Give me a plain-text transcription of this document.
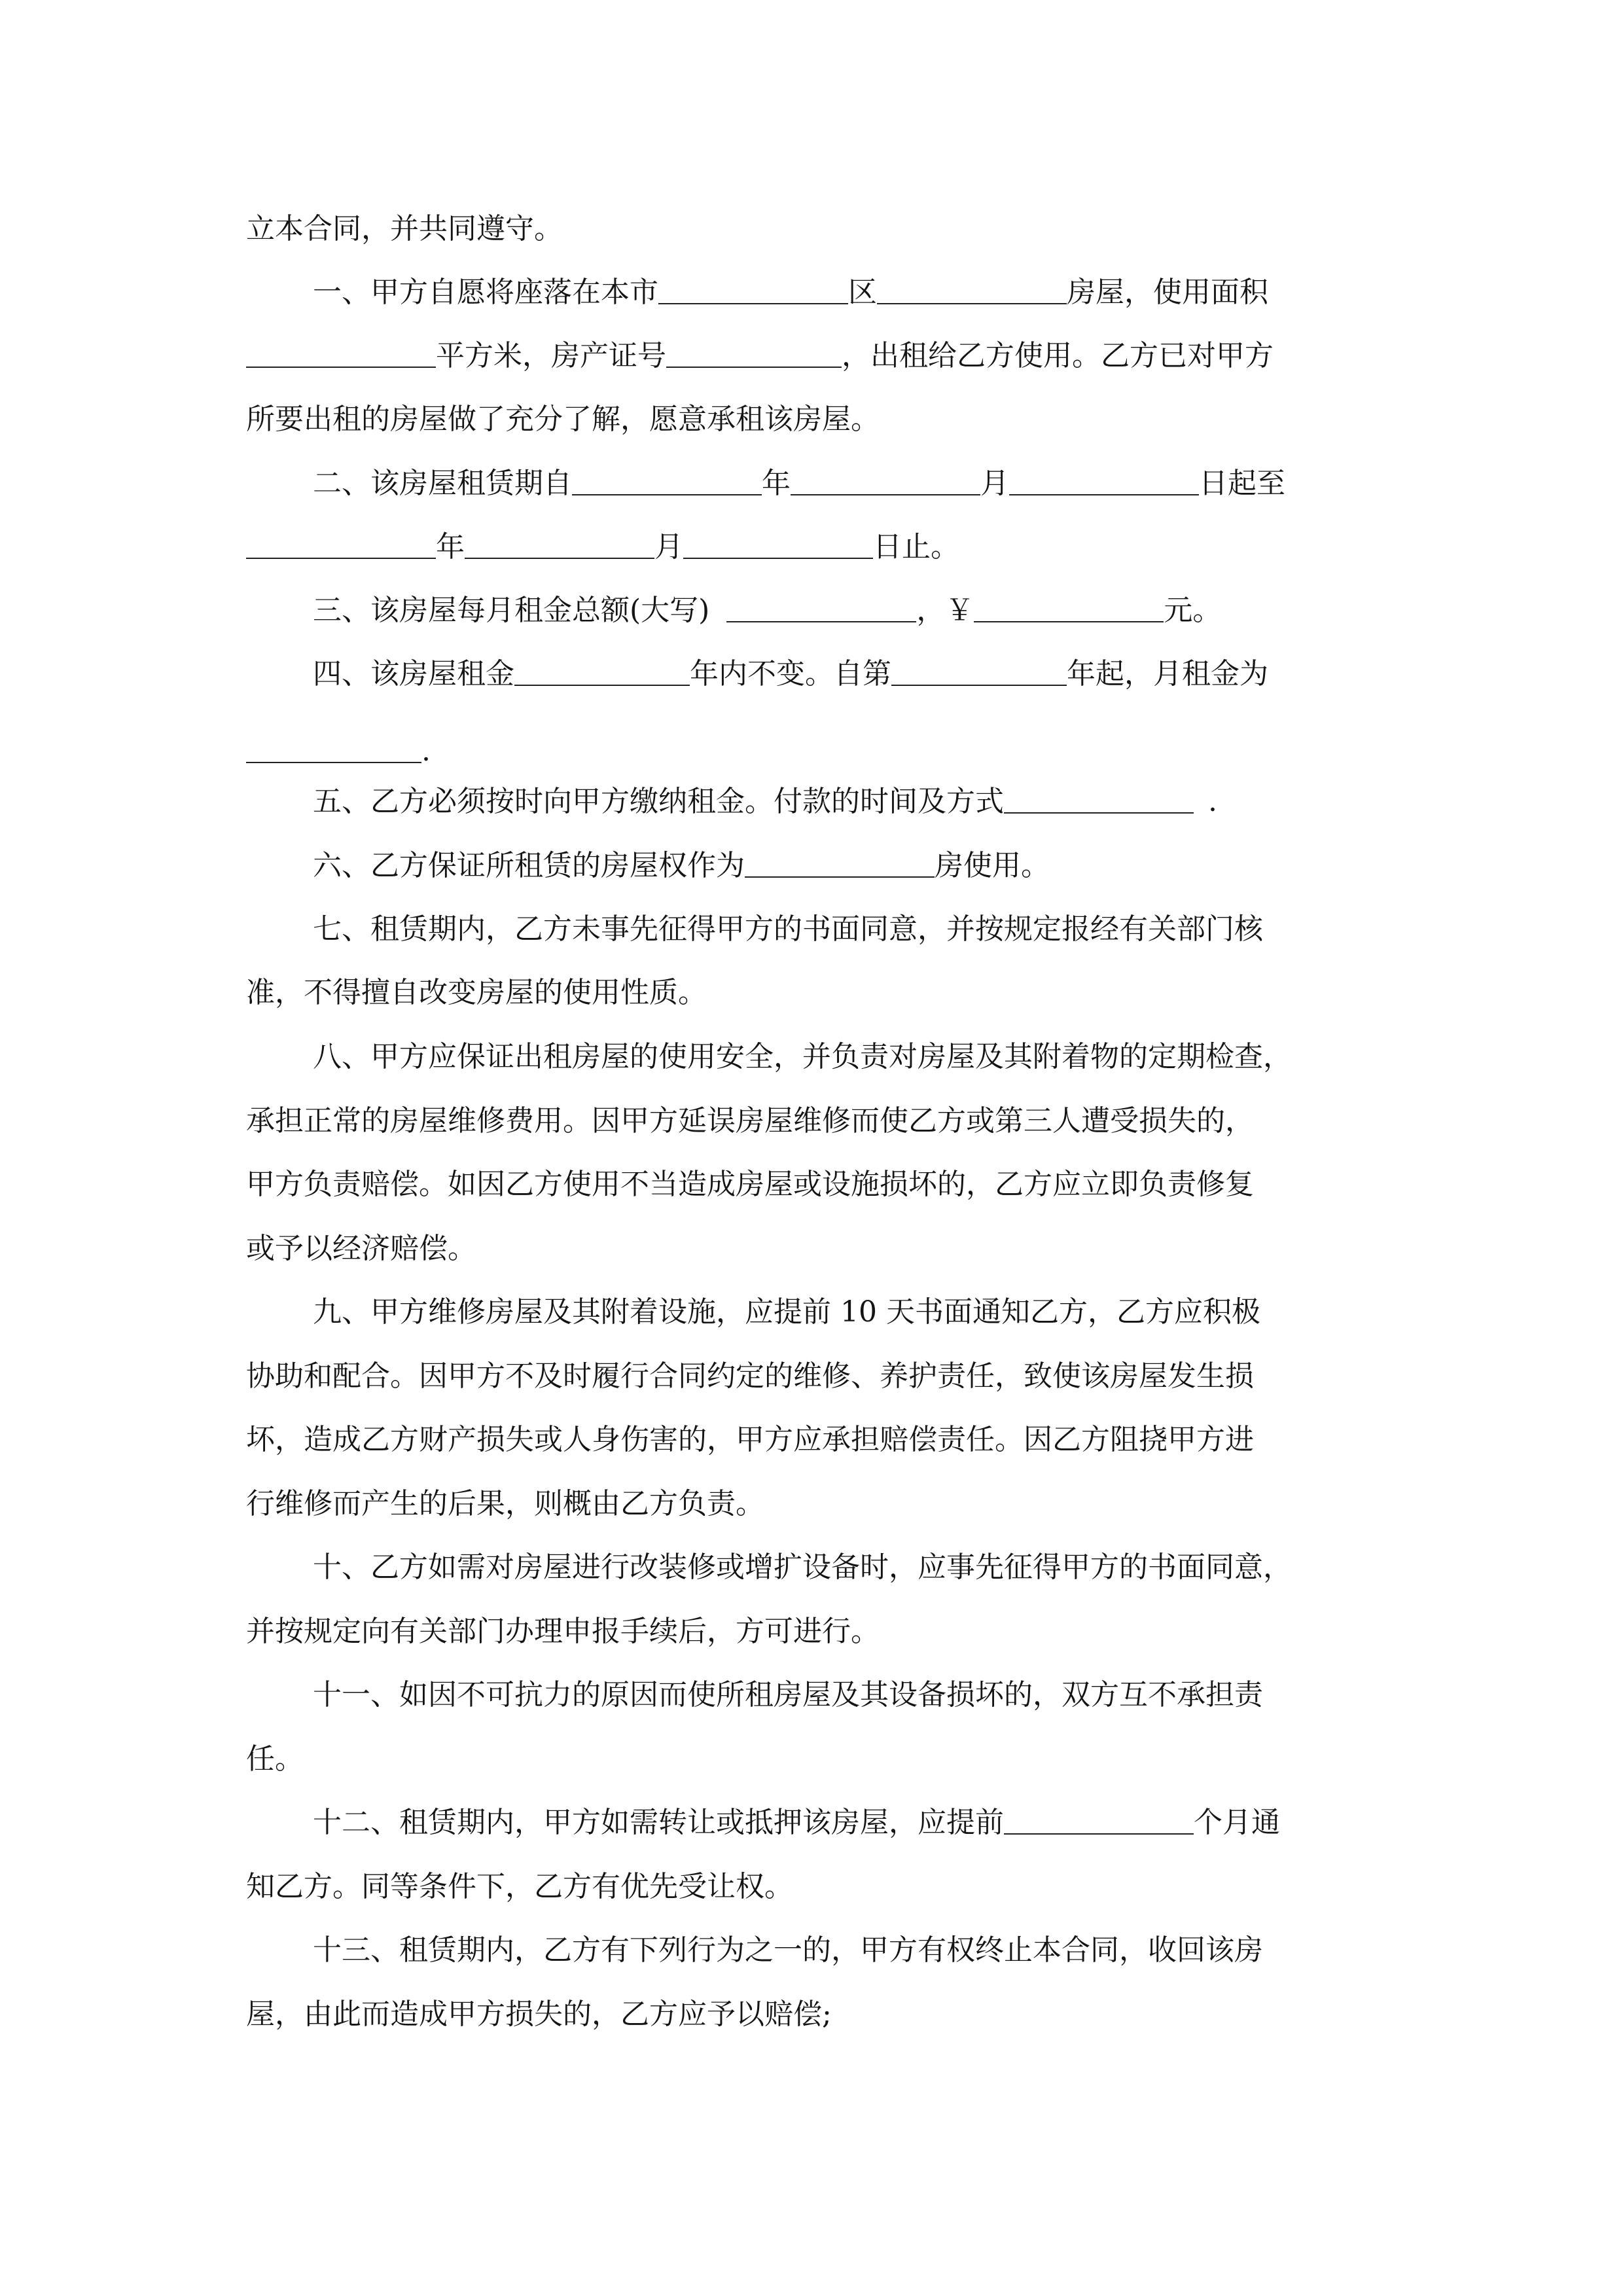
立本合同，并共同遵守。
一、甲方自愿将座落在本市	区	房屋，使用面积
平方米，房产证号	，出租给乙方使用。乙方已对甲方
所要出租的房屋做了充分了解，愿意承租该房屋。
二、该房屋租赁期自	年	月	日起至
年	月	日止。
三、该房屋每月租金总额(大写)	，￥	元。
四、该房屋租金	年内不变。自第	年起，月租金为
.
五、乙方必须按时向甲方缴纳租金。付款的时间及方式	.
六、乙方保证所租赁的房屋权作为	房使用。
七、租赁期内，乙方未事先征得甲方的书面同意，并按规定报经有关部门核
准，不得擅自改变房屋的使用性质。
八、甲方应保证出租房屋的使用安全，并负责对房屋及其附着物的定期检查，
承担正常的房屋维修费用。因甲方延误房屋维修而使乙方或第三人遭受损失的，
甲方负责赔偿。如因乙方使用不当造成房屋或设施损坏的，乙方应立即负责修复
或予以经济赔偿。
九、甲方维修房屋及其附着设施，应提前 10 天书面通知乙方，乙方应积极
协助和配合。因甲方不及时履行合同约定的维修、养护责任，致使该房屋发生损
坏，造成乙方财产损失或人身伤害的，甲方应承担赔偿责任。因乙方阻挠甲方进
行维修而产生的后果，则概由乙方负责。
十、乙方如需对房屋进行改装修或增扩设备时，应事先征得甲方的书面同意，
并按规定向有关部门办理申报手续后，方可进行。
十一、如因不可抗力的原因而使所租房屋及其设备损坏的，双方互不承担责
任。
十二、租赁期内，甲方如需转让或抵押该房屋，应提前	个月通
知乙方。同等条件下，乙方有优先受让权。
十三、租赁期内，乙方有下列行为之一的，甲方有权终止本合同，收回该房
屋，由此而造成甲方损失的，乙方应予以赔偿;
